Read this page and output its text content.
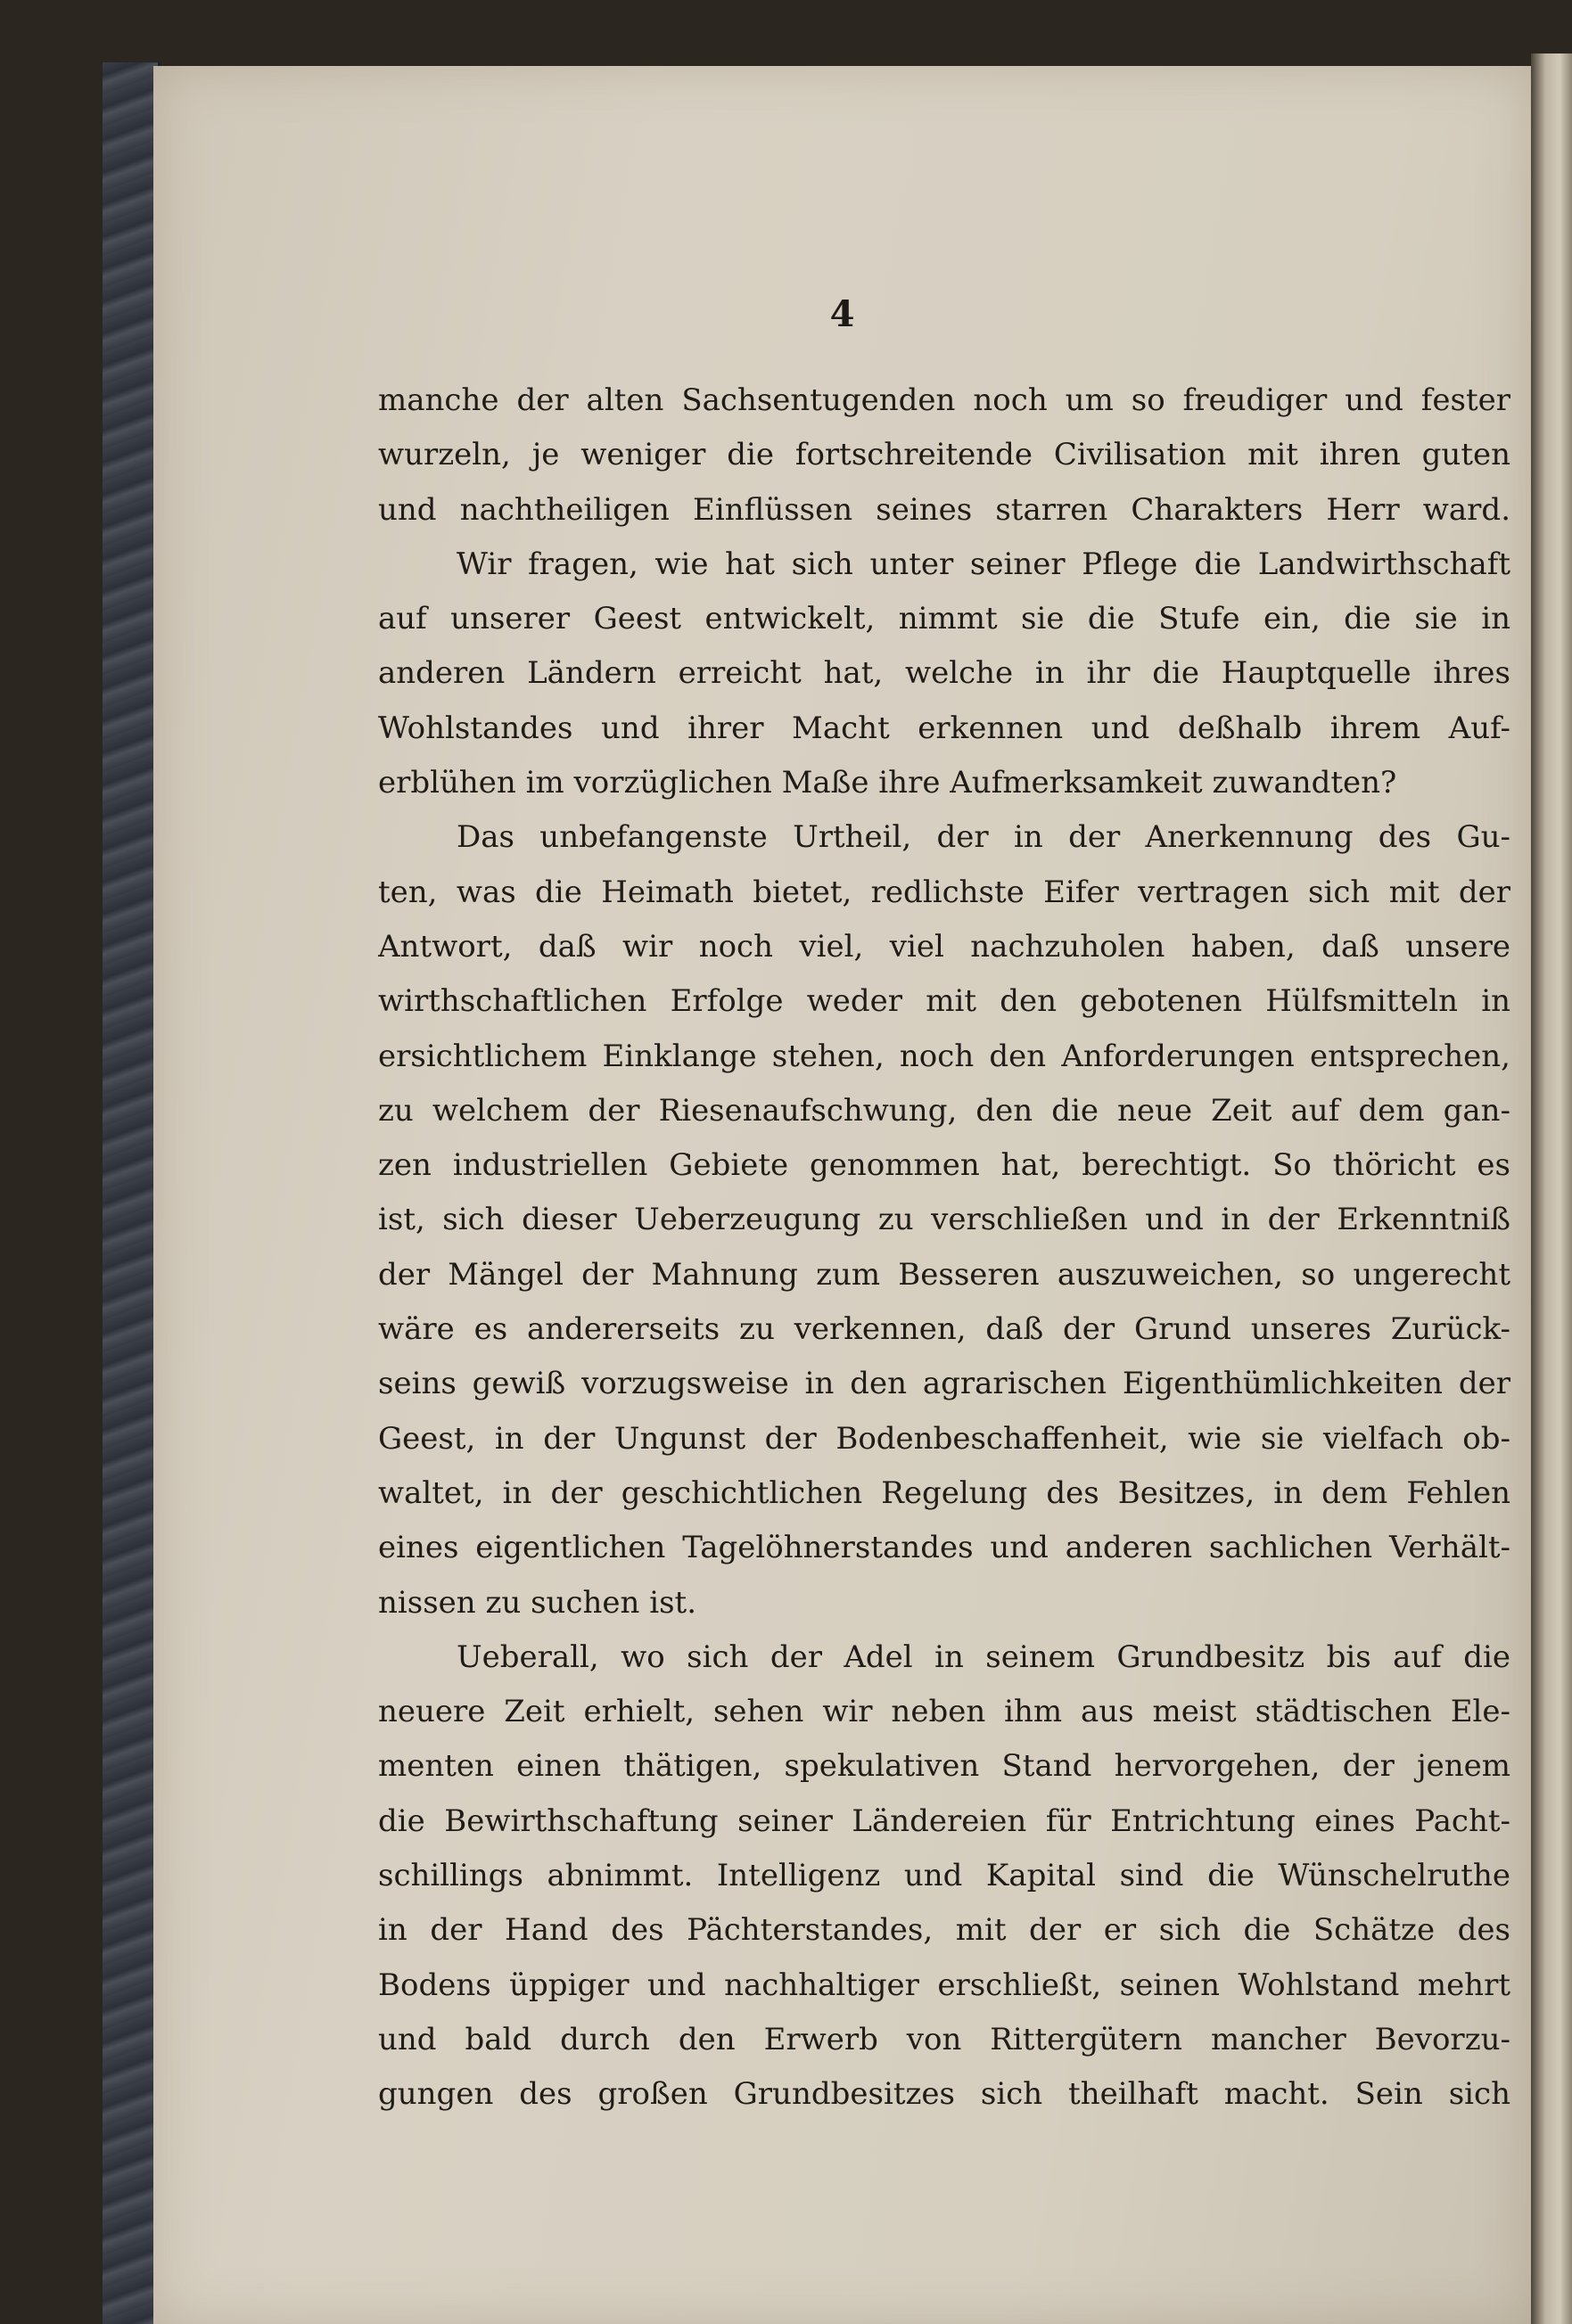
4
manche der alten Sachsentugenden noch um so freudiger und fester
wurzeln, je weniger die fortschreitende Civilisation mit ihren guten
und nachtheiligen Einflüssen seines starren Charakters Herr ward.
Wir fragen, wie hat sich unter seiner Pflege die Landwirthschaft
auf unserer Geest entwickelt, nimmt sie die Stufe ein, die sie in
anderen Ländern erreicht hat, welche in ihr die Hauptquelle ihres
Wohlstandes und ihrer Macht erkennen und deßhalb ihrem Auf-
erblühen im vorzüglichen Maße ihre Aufmerksamkeit zuwandten?
Das unbefangenste Urtheil, der in der Anerkennung des Gu-
ten, was die Heimath bietet, redlichste Eifer vertragen sich mit der
Antwort, daß wir noch viel, viel nachzuholen haben, daß unsere
wirthschaftlichen Erfolge weder mit den gebotenen Hülfsmitteln in
ersichtlichem Einklange stehen, noch den Anforderungen entsprechen,
zu welchem der Riesenaufschwung, den die neue Zeit auf dem gan-
zen industriellen Gebiete genommen hat, berechtigt. So thöricht es
ist, sich dieser Ueberzeugung zu verschließen und in der Erkenntniß
der Mängel der Mahnung zum Besseren auszuweichen, so ungerecht
wäre es andererseits zu verkennen, daß der Grund unseres Zurück-
seins gewiß vorzugsweise in den agrarischen Eigenthümlichkeiten der
Geest, in der Ungunst der Bodenbeschaffenheit, wie sie vielfach ob-
waltet, in der geschichtlichen Regelung des Besitzes, in dem Fehlen
eines eigentlichen Tagelöhnerstandes und anderen sachlichen Verhält-
nissen zu suchen ist.
Ueberall, wo sich der Adel in seinem Grundbesitz bis auf die
neuere Zeit erhielt, sehen wir neben ihm aus meist städtischen Ele-
menten einen thätigen, spekulativen Stand hervorgehen, der jenem
die Bewirthschaftung seiner Ländereien für Entrichtung eines Pacht-
schillings abnimmt. Intelligenz und Kapital sind die Wünschelruthe
in der Hand des Pächterstandes, mit der er sich die Schätze des
Bodens üppiger und nachhaltiger erschließt, seinen Wohlstand mehrt
und bald durch den Erwerb von Rittergütern mancher Bevorzu-
gungen des großen Grundbesitzes sich theilhaft macht. Sein sich
